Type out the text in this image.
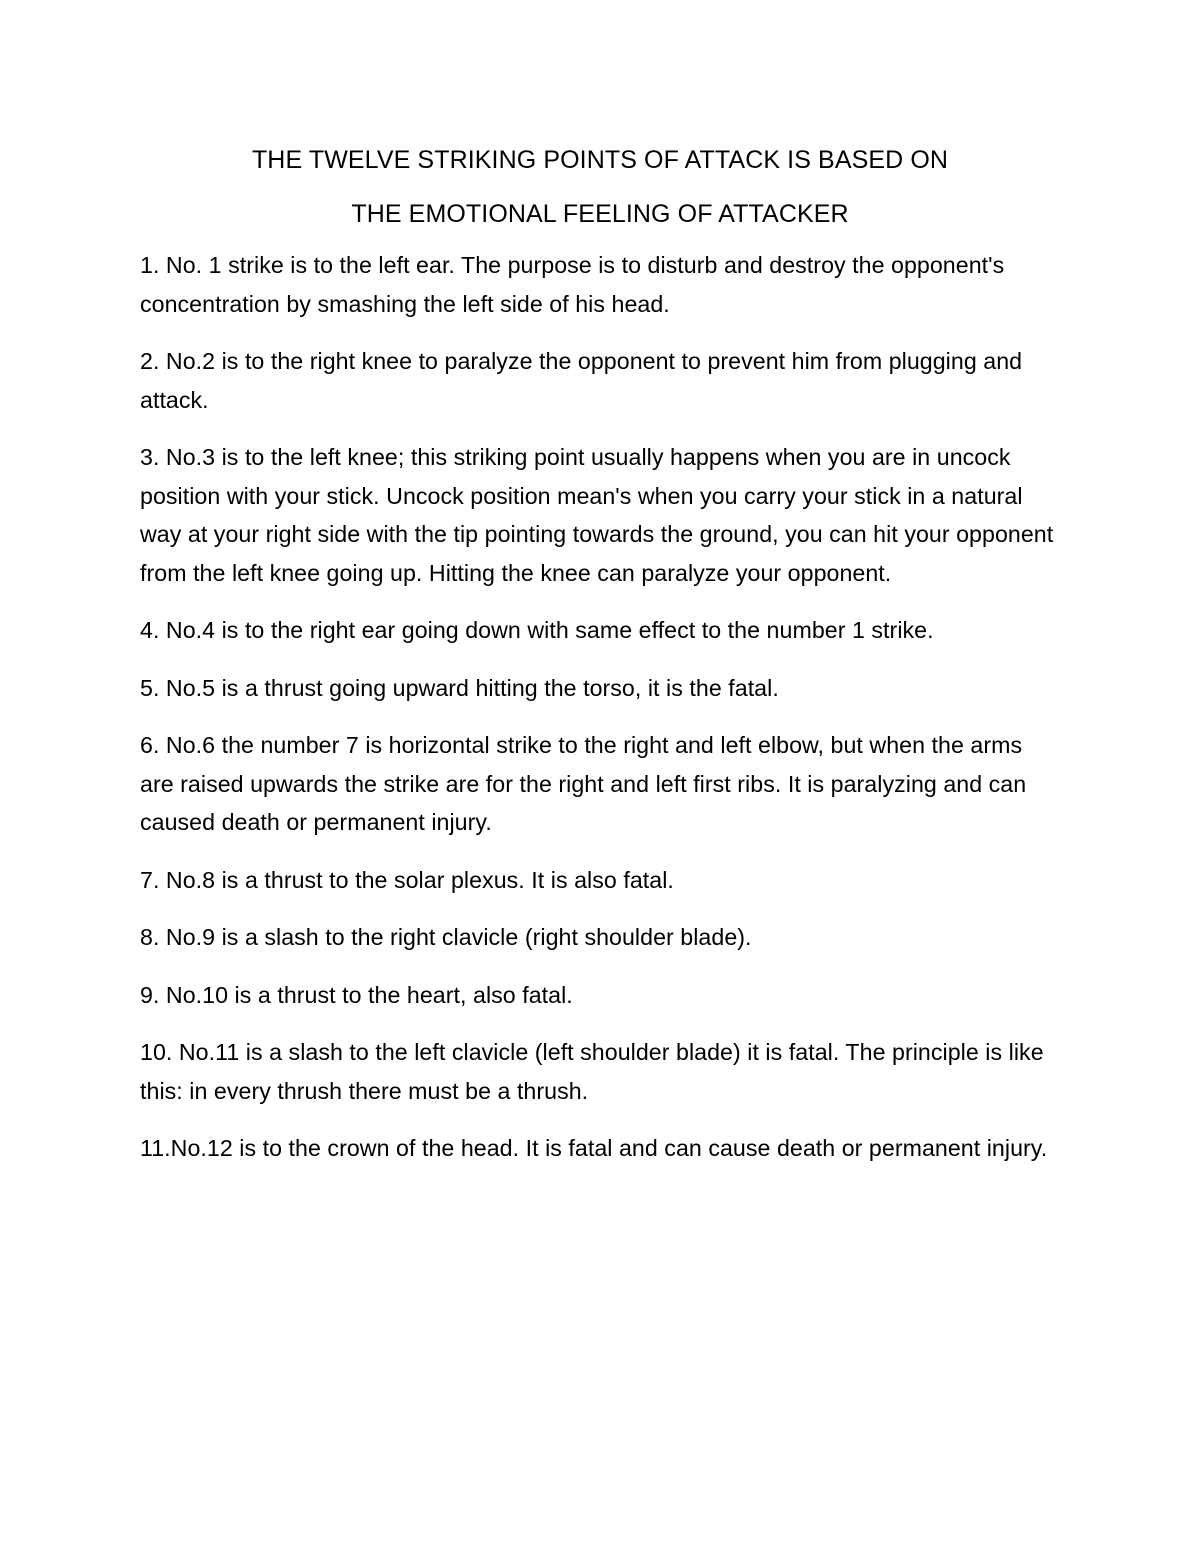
THE TWELVE STRIKING POINTS OF ATTACK IS BASED ON
THE EMOTIONAL FEELING OF ATTACKER

1. No. 1 strike is to the left ear. The purpose is to disturb and destroy the opponent's concentration by smashing the left side of his head.

2. No.2 is to the right knee to paralyze the opponent to prevent him from plugging and attack.

3. No.3 is to the left knee; this striking point usually happens when you are in uncock position with your stick. Uncock position mean's when you carry your stick in a natural way at your right side with the tip pointing towards the ground, you can hit your opponent from the left knee going up. Hitting the knee can paralyze your opponent.

4. No.4 is to the right ear going down with same effect to the number 1 strike.

5. No.5 is a thrust going upward hitting the torso, it is the fatal.

6. No.6 the number 7 is horizontal strike to the right and left elbow, but when the arms are raised upwards the strike are for the right and left first ribs. It is paralyzing and can caused death or permanent injury.

7. No.8 is a thrust to the solar plexus. It is also fatal.

8. No.9 is a slash to the right clavicle (right shoulder blade).

9. No.10 is a thrust to the heart, also fatal.

10. No.11 is a slash to the left clavicle (left shoulder blade) it is fatal. The principle is like this: in every thrush there must be a thrush.

11.No.12 is to the crown of the head. It is fatal and can cause death or permanent injury.
